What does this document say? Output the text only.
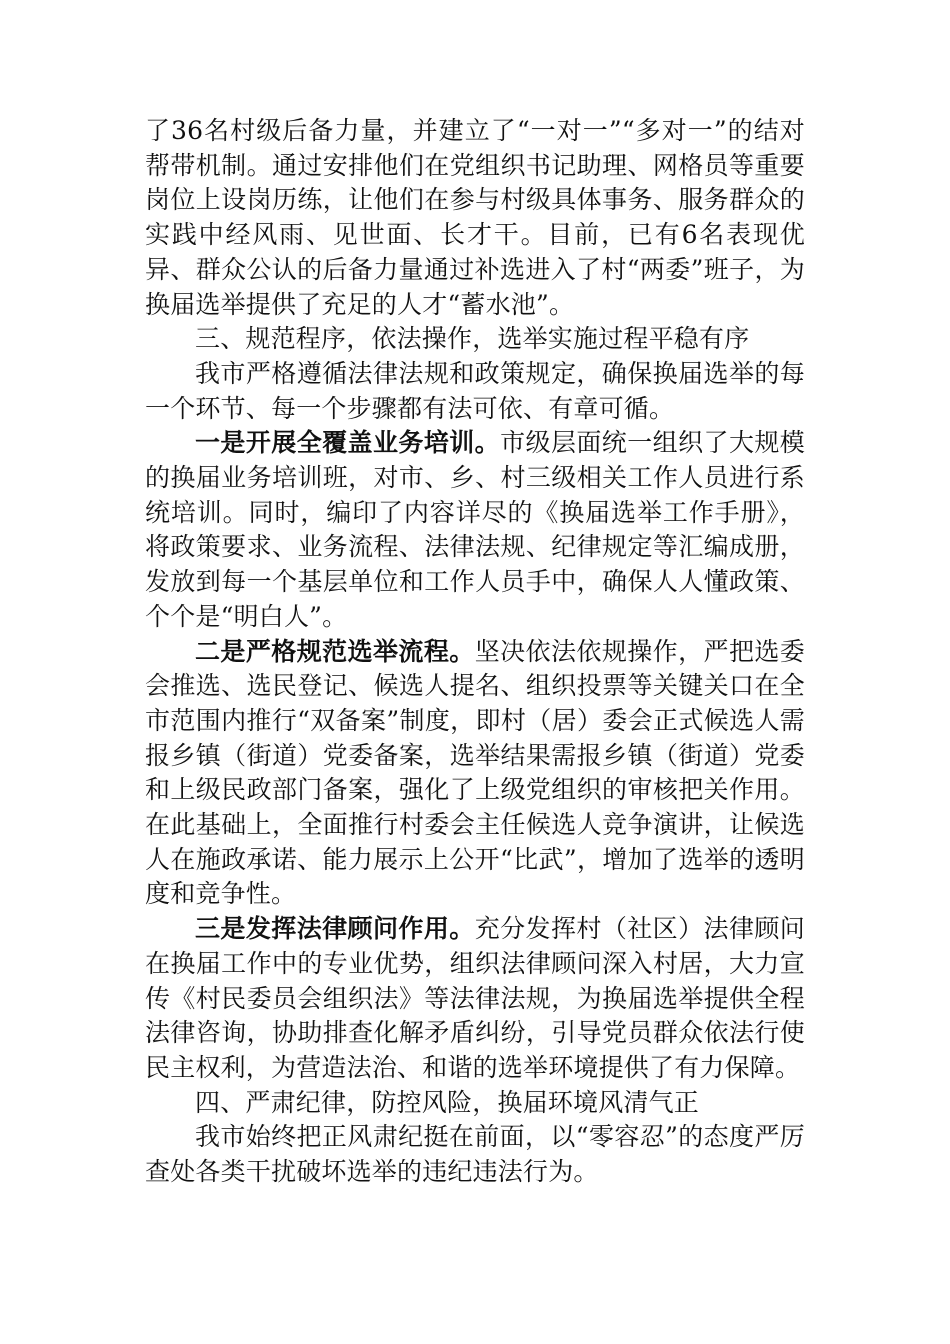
了36名村级后备力量，并建立了“一对一”“多对一”的结对帮带机制。通过安排他们在党组织书记助理、网格员等重要岗位上设岗历练，让他们在参与村级具体事务、服务群众的实践中经风雨、见世面、长才干。目前，已有6名表现优异、群众公认的后备力量通过补选进入了村“两委”班子，为换届选举提供了充足的人才“蓄水池”。

三、规范程序，依法操作，选举实施过程平稳有序

我市严格遵循法律法规和政策规定，确保换届选举的每一个环节、每一个步骤都有法可依、有章可循。

一是开展全覆盖业务培训。市级层面统一组织了大规模的换届业务培训班，对市、乡、村三级相关工作人员进行系统培训。同时，编印了内容详尽的《换届选举工作手册》，将政策要求、业务流程、法律法规、纪律规定等汇编成册，发放到每一个基层单位和工作人员手中，确保人人懂政策、个个是“明白人”。

二是严格规范选举流程。坚决依法依规操作，严把选委会推选、选民登记、候选人提名、组织投票等关键关口在全市范围内推行“双备案”制度，即村（居）委会正式候选人需报乡镇（街道）党委备案，选举结果需报乡镇（街道）党委和上级民政部门备案，强化了上级党组织的审核把关作用。在此基础上，全面推行村委会主任候选人竞争演讲，让候选人在施政承诺、能力展示上公开“比武”，增加了选举的透明度和竞争性。

三是发挥法律顾问作用。充分发挥村（社区）法律顾问在换届工作中的专业优势，组织法律顾问深入村居，大力宣传《村民委员会组织法》等法律法规，为换届选举提供全程法律咨询，协助排查化解矛盾纠纷，引导党员群众依法行使民主权利，为营造法治、和谐的选举环境提供了有力保障。

四、严肃纪律，防控风险，换届环境风清气正

我市始终把正风肃纪挺在前面，以“零容忍”的态度严厉查处各类干扰破坏选举的违纪违法行为。
